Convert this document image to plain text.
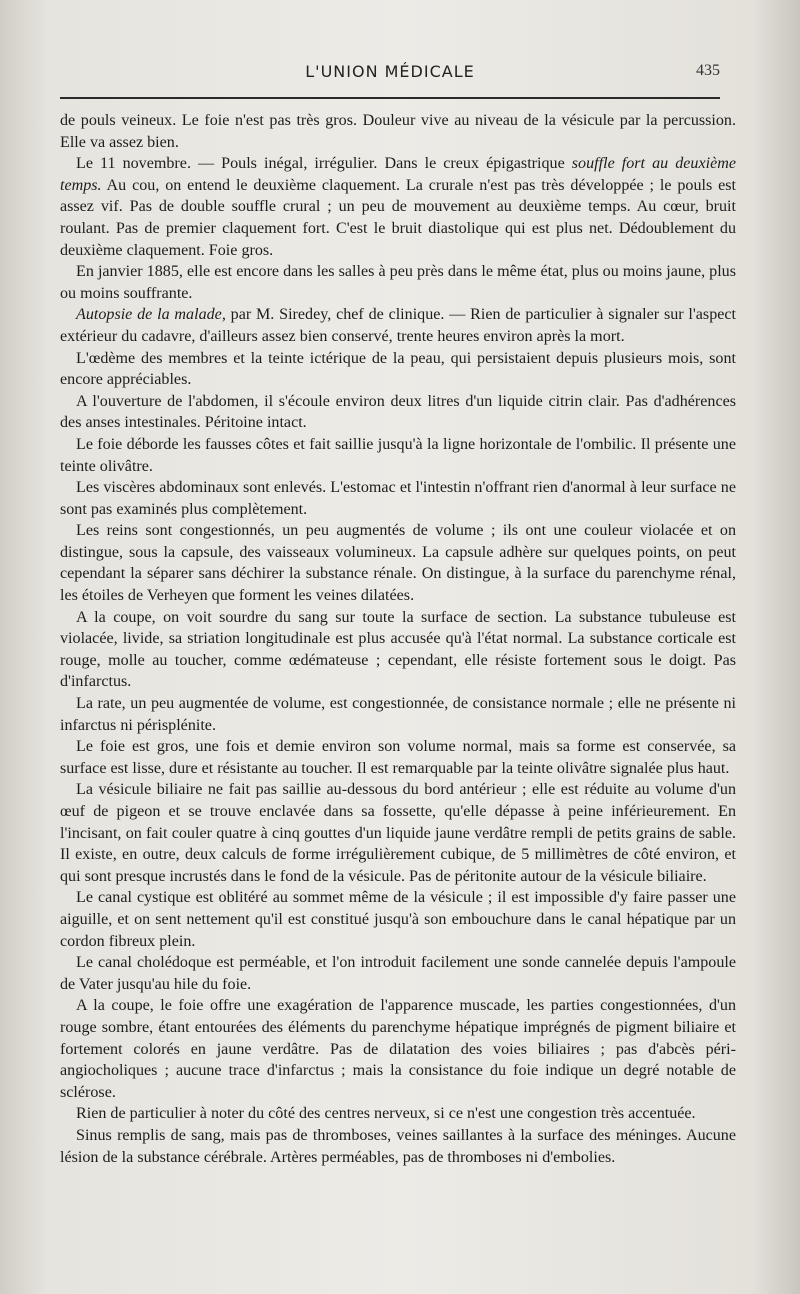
L'UNION MÉDICALE	435

de pouls veineux. Le foie n'est pas très gros. Douleur vive au niveau de la vésicule par la percussion. Elle va assez bien.

Le 11 novembre. — Pouls inégal, irrégulier. Dans le creux épigastrique souffle fort au deuxième temps. Au cou, on entend le deuxième claquement. La crurale n'est pas très développée ; le pouls est assez vif. Pas de double souffle crural ; un peu de mouvement au deuxième temps. Au cœur, bruit roulant. Pas de premier claquement fort. C'est le bruit diastolique qui est plus net. Dédoublement du deuxième claquement. Foie gros.

En janvier 1885, elle est encore dans les salles à peu près dans le même état, plus ou moins jaune, plus ou moins souffrante.

Autopsie de la malade, par M. Siredey, chef de clinique. — Rien de particulier à signaler sur l'aspect extérieur du cadavre, d'ailleurs assez bien conservé, trente heures environ après la mort.

L'œdème des membres et la teinte ictérique de la peau, qui persistaient depuis plusieurs mois, sont encore appréciables.

A l'ouverture de l'abdomen, il s'écoule environ deux litres d'un liquide citrin clair. Pas d'adhérences des anses intestinales. Péritoine intact.

Le foie déborde les fausses côtes et fait saillie jusqu'à la ligne horizontale de l'ombilic. Il présente une teinte olivâtre.

Les viscères abdominaux sont enlevés. L'estomac et l'intestin n'offrant rien d'anormal à leur surface ne sont pas examinés plus complètement.

Les reins sont congestionnés, un peu augmentés de volume ; ils ont une couleur violacée et on distingue, sous la capsule, des vaisseaux volumineux. La capsule adhère sur quelques points, on peut cependant la séparer sans déchirer la substance rénale. On distingue, à la surface du parenchyme rénal, les étoiles de Verheyen que forment les veines dilatées.

A la coupe, on voit sourdre du sang sur toute la surface de section. La substance tubuleuse est violacée, livide, sa striation longitudinale est plus accusée qu'à l'état normal. La substance corticale est rouge, molle au toucher, comme œdémateuse ; cependant, elle résiste fortement sous le doigt. Pas d'infarctus.

La rate, un peu augmentée de volume, est congestionnée, de consistance normale ; elle ne présente ni infarctus ni périsplénite.

Le foie est gros, une fois et demie environ son volume normal, mais sa forme est conservée, sa surface est lisse, dure et résistante au toucher. Il est remarquable par la teinte olivâtre signalée plus haut.

La vésicule biliaire ne fait pas saillie au-dessous du bord antérieur ; elle est réduite au volume d'un œuf de pigeon et se trouve enclavée dans sa fossette, qu'elle dépasse à peine inférieurement. En l'incisant, on fait couler quatre à cinq gouttes d'un liquide jaune verdâtre rempli de petits grains de sable. Il existe, en outre, deux calculs de forme irrégulièrement cubique, de 5 millimètres de côté environ, et qui sont presque incrustés dans le fond de la vésicule. Pas de péritonite autour de la vésicule biliaire.

Le canal cystique est oblitéré au sommet même de la vésicule ; il est impossible d'y faire passer une aiguille, et on sent nettement qu'il est constitué jusqu'à son embouchure dans le canal hépatique par un cordon fibreux plein.

Le canal cholédoque est perméable, et l'on introduit facilement une sonde cannelée depuis l'ampoule de Vater jusqu'au hile du foie.

A la coupe, le foie offre une exagération de l'apparence muscade, les parties congestionnées, d'un rouge sombre, étant entourées des éléments du parenchyme hépatique imprégnés de pigment biliaire et fortement colorés en jaune verdâtre. Pas de dilatation des voies biliaires ; pas d'abcès péri-angiocholiques ; aucune trace d'infarctus ; mais la consistance du foie indique un degré notable de sclérose.

Rien de particulier à noter du côté des centres nerveux, si ce n'est une congestion très accentuée.

Sinus remplis de sang, mais pas de thromboses, veines saillantes à la surface des méninges. Aucune lésion de la substance cérébrale. Artères perméables, pas de thromboses ni d'embolies.
